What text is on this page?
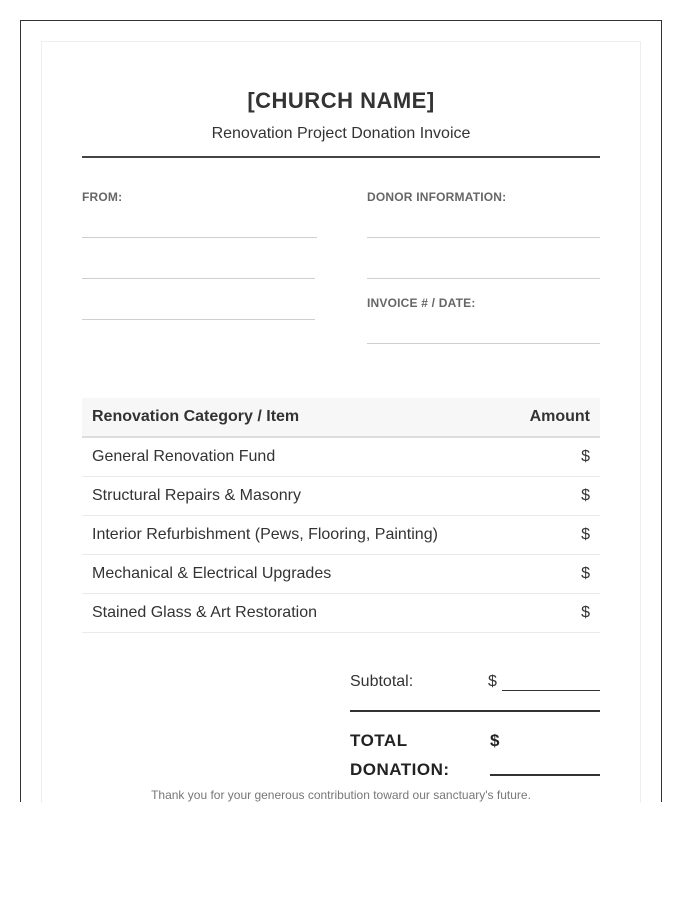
[CHURCH NAME]
Renovation Project Donation Invoice
FROM:	DONOR INFORMATION:
INVOICE # / DATE:
Renovation Category / Item	Amount
General Renovation Fund	$
Structural Repairs & Masonry	$
Interior Refurbishment (Pews, Flooring, Painting)	$
Mechanical & Electrical Upgrades	$
Stained Glass & Art Restoration	$
Subtotal:	$
TOTAL DONATION:
$
Thank you for your generous contribution toward our sanctuary's future.
